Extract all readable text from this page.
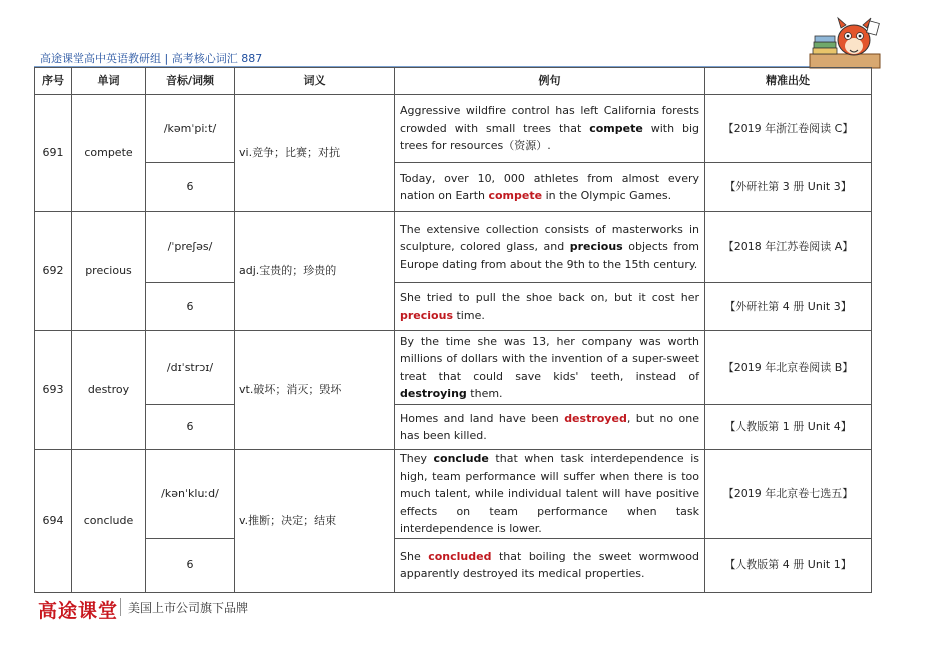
高途课堂高中英语教研组 | 高考核心词汇 887
序号	单词	音标/词频	词义	例句	精准出处
691	compete	/kəmˈpiːt/	vi.竞争；比赛；对抗	Aggressive wildfire control has left California forests crowded with small trees that compete with big trees for resources（资源）.	【2019 年浙江卷阅读 C】
		6		Today, over 10, 000 athletes from almost every nation on Earth compete in the Olympic Games.	【外研社第 3 册 Unit 3】
692	precious	/ˈpreʃəs/	adj.宝贵的；珍贵的	The extensive collection consists of masterworks in sculpture, colored glass, and precious objects from Europe dating from about the 9th to the 15th century.	【2018 年江苏卷阅读 A】
		6		She tried to pull the shoe back on, but it cost her precious time.	【外研社第 4 册 Unit 3】
693	destroy	/dɪˈstrɔɪ/	vt.破坏；消灭；毁坏	By the time she was 13, her company was worth millions of dollars with the invention of a super-sweet treat that could save kids' teeth, instead of destroying them.	【2019 年北京卷阅读 B】
		6		Homes and land have been destroyed, but no one has been killed.	【人教版第 1 册 Unit 4】
694	conclude	/kənˈkluːd/	v.推断；决定；结束	They conclude that when task interdependence is high, team performance will suffer when there is too much talent, while individual talent will have positive effects on team performance when task interdependence is lower.	【2019 年北京卷七选五】
		6		She concluded that boiling the sweet wormwood apparently destroyed its medical properties.	【人教版第 4 册 Unit 1】
高途课堂 美国上市公司旗下品牌
